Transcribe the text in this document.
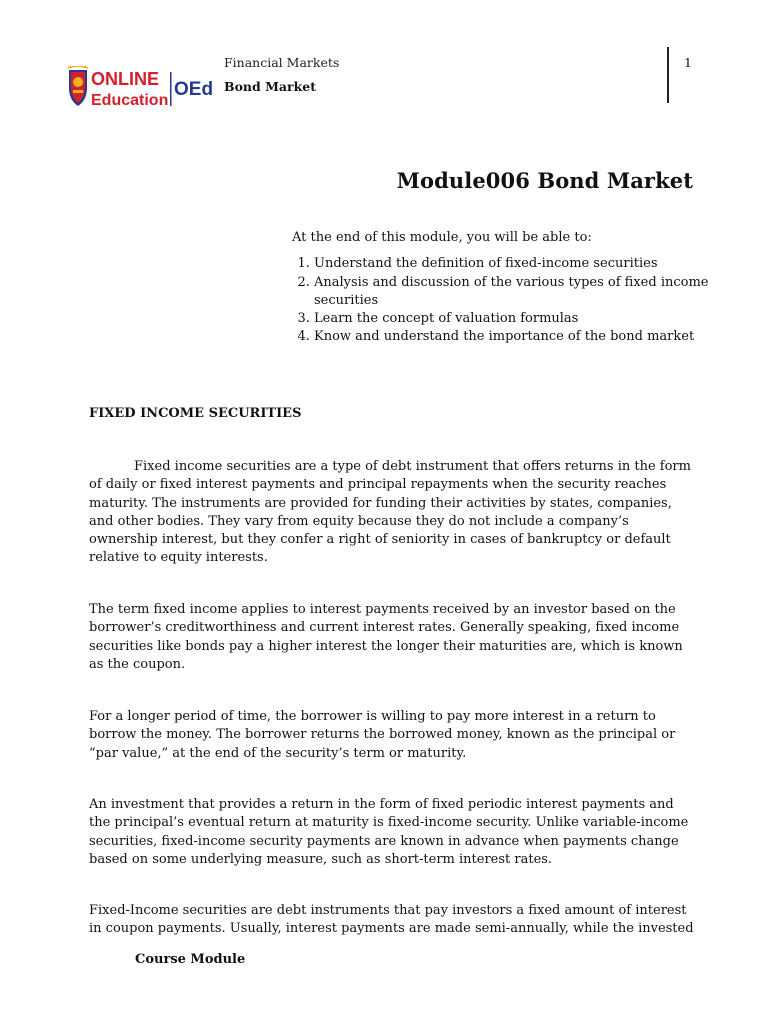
ONLINE
Education
OEd
Financial Markets
Bond Market
1
Module006 Bond Market

At the end of this module, you will be able to:

1. Understand the definition of fixed-income securities
2. Analysis and discussion of the various types of fixed income securities
3. Learn the concept of valuation formulas
4. Know and understand the importance of the bond market
FIXED INCOME SECURITIES

Fixed income securities are a type of debt instrument that offers returns in the form of daily or fixed interest payments and principal repayments when the security reaches maturity. The instruments are provided for funding their activities by states, companies, and other bodies. They vary from equity because they do not include a company’s ownership interest, but they confer a right of seniority in cases of bankruptcy or default relative to equity interests.

The term fixed income applies to interest payments received by an investor based on the borrower’s creditworthiness and current interest rates. Generally speaking, fixed income securities like bonds pay a higher interest the longer their maturities are, which is known as the coupon.

For a longer period of time, the borrower is willing to pay more interest in a return to borrow the money. The borrower returns the borrowed money, known as the principal or “par value,” at the end of the security’s term or maturity.

An investment that provides a return in the form of fixed periodic interest payments and the principal’s eventual return at maturity is fixed-income security. Unlike variable-income securities, fixed-income security payments are known in advance when payments change based on some underlying measure, such as short-term interest rates.

Fixed-Income securities are debt instruments that pay investors a fixed amount of interest in coupon payments. Usually, interest payments are made semi-annually, while the invested

Course Module
